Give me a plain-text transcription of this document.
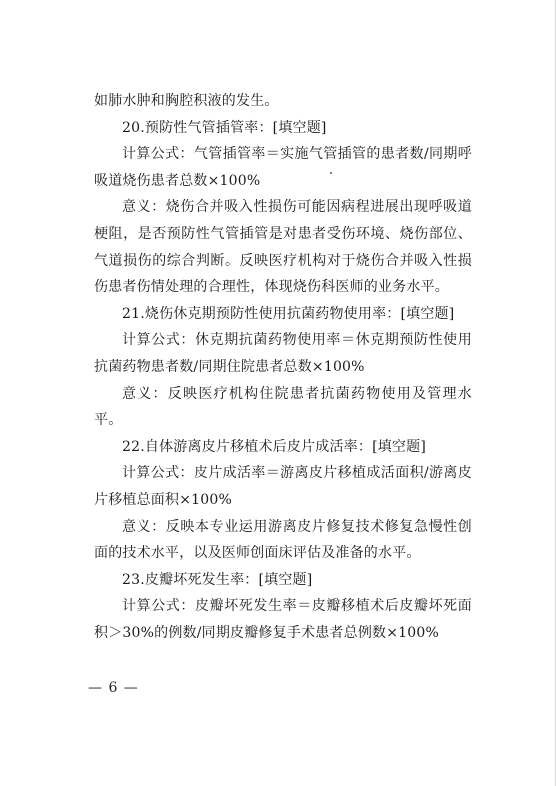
如肺水肿和胸腔积液的发生。

20.预防性气管插管率：[填空题]

计算公式：气管插管率＝实施气管插管的患者数/同期呼吸道烧伤患者总数×100%

意义：烧伤合并吸入性损伤可能因病程进展出现呼吸道梗阻，是否预防性气管插管是对患者受伤环境、烧伤部位、气道损伤的综合判断。反映医疗机构对于烧伤合并吸入性损伤患者伤情处理的合理性，体现烧伤科医师的业务水平。

21.烧伤休克期预防性使用抗菌药物使用率：[填空题]

计算公式：休克期抗菌药物使用率＝休克期预防性使用抗菌药物患者数/同期住院患者总数×100%

意义：反映医疗机构住院患者抗菌药物使用及管理水平。

22.自体游离皮片移植术后皮片成活率：[填空题]

计算公式：皮片成活率＝游离皮片移植成活面积/游离皮片移植总面积×100%

意义：反映本专业运用游离皮片修复技术修复急慢性创面的技术水平，以及医师创面床评估及准备的水平。

23.皮瓣坏死发生率：[填空题]

计算公式：皮瓣坏死发生率＝皮瓣移植术后皮瓣坏死面积＞30%的例数/同期皮瓣修复手术患者总例数×100%

— 6 —
